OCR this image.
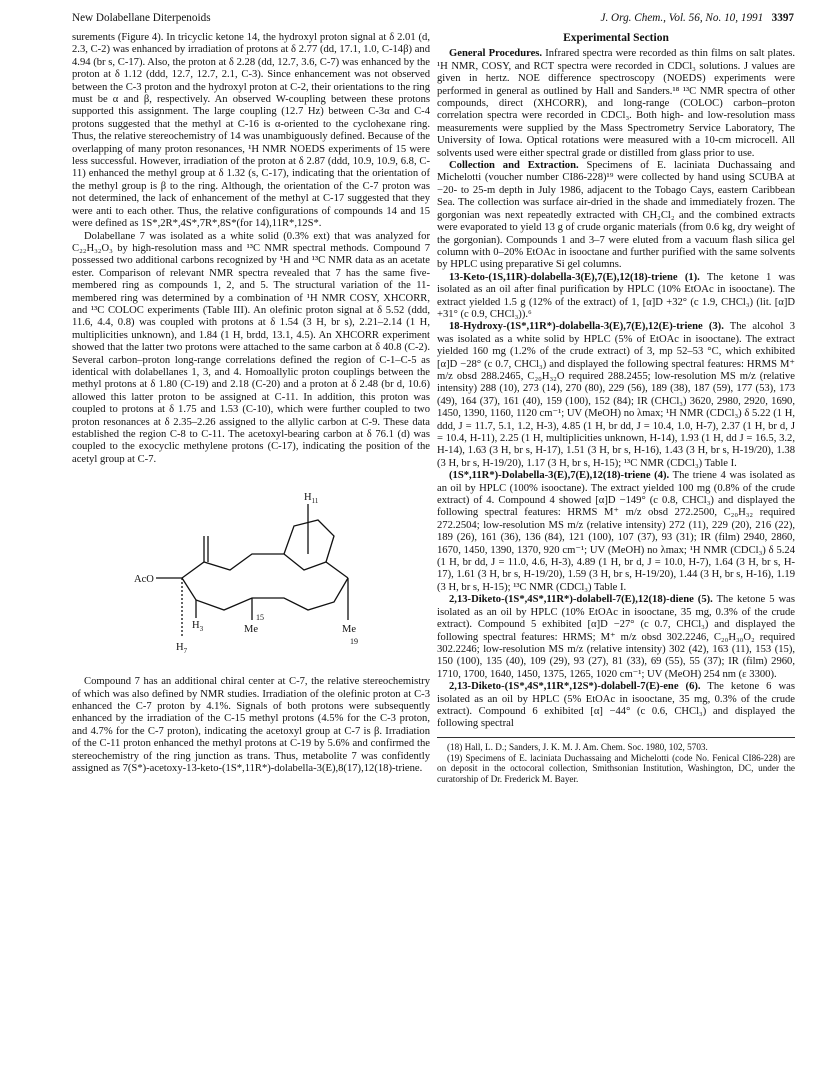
New Dolabellane Diterpenoids	J. Org. Chem., Vol. 56, No. 10, 1991 3397

surements (Figure 4). In tricyclic ketone 14, the hydroxyl proton signal at δ 2.01 (d, 2.3, C-2) was enhanced by irradiation of protons at δ 2.77 (dd, 17.1, 1.0, C-14β) and 4.94 (br s, C-17). Also, the proton at δ 2.28 (dd, 12.7, 3.6, C-7) was enhanced by the proton at δ 1.12 (ddd, 12.7, 12.7, 2.1, C-3). Since enhancement was not observed between the C-3 proton and the hydroxyl proton at C-2, their orientations to the ring must be α and β, respectively. An observed W-coupling between these protons supported this assignment. The large coupling (12.7 Hz) between C-3α and C-4 protons suggested that the methyl at C-16 is α-oriented to the cyclohexane ring. Thus, the relative stereochemistry of 14 was unambiguously defined. Because of the overlapping of many proton resonances, ¹H NMR NOEDS experiments of 15 were less successful. However, irradiation of the proton at δ 2.87 (ddd, 10.9, 10.9, 6.8, C-11) enhanced the methyl group at δ 1.32 (s, C-17), indicating that the orientation of the methyl group is β to the ring. Although, the orientation of the C-7 proton was not determined, the lack of enhancement of the methyl at C-17 suggested that they were anti to each other. Thus, the relative configurations of compounds 14 and 15 were defined as 1S*,2R*,4S*,7R*,8S*(for 14),11R*,12S*.

Dolabellane 7 was isolated as a white solid (0.3% ext) that was analyzed for C₂₂H₃₂O₃ by high-resolution mass and ¹³C NMR spectral methods. Compound 7 possessed two additional carbons recognized by ¹H and ¹³C NMR data as an acetate ester. Comparison of relevant NMR spectra revealed that 7 has the same five-membered ring as compounds 1, 2, and 5. The structural variation of the 11-membered ring was determined by a combination of ¹H NMR COSY, XHCORR, and ¹³C COLOC experiments (Table III). An olefinic proton signal at δ 5.52 (ddd, 11.6, 4.4, 0.8) was coupled with protons at δ 1.54 (3 H, br s), 2.21–2.14 (1 H, multiplicities unknown), and 1.84 (1 H, brdd, 13.1, 4.5). An XHCORR experiment showed that the latter two protons were attached to the same carbon at δ 40.8 (C-2). Several carbon–proton long-range correlations defined the region of C-1–C-5 as identical with dolabellanes 1, 3, and 4. Homoallylic proton couplings between the methyl protons at δ 1.80 (C-19) and 2.18 (C-20) and a proton at δ 2.48 (br d, 10.6) allowed this latter proton to be assigned at C-11. In addition, this proton was coupled to protons at δ 1.75 and 1.53 (C-10), which were further coupled to two proton resonances at δ 2.35–2.26 assigned to the allylic carbon at C-9. These data established the region C-8 to C-11. The acetoxyl-bearing carbon at δ 76.1 (d) was coupled to the exocyclic methylene protons (C-17), indicating the position of the acetyl group at C-7.

$H_{11}$
AcO
$H_3$
15
Me	Me
19
$H_7$

Compound 7 has an additional chiral center at C-7, the relative stereochemistry of which was also defined by NMR studies. Irradiation of the olefinic proton at C-3 enhanced the C-7 proton by 4.1%. Signals of both protons were subsequently enhanced by the irradiation of the C-15 methyl protons (4.5% for the C-3 proton, and 4.7% for the C-7 proton), indicating the acetoxyl group at C-7 is β. Irradiation of the C-11 proton enhanced the methyl protons at C-19 by 5.6% and confirmed the stereochemistry of the ring junction as trans. Thus, metabolite 7 was confidently assigned as 7(S*)-acetoxy-13-keto-(1S*,11R*)-dolabella-3(E),8(17),12(18)-triene.

Experimental Section

General Procedures. Infrared spectra were recorded as thin films on salt plates. ¹H NMR, COSY, and RCT spectra were recorded in CDCl₃ solutions. J values are given in hertz. NOE difference spectroscopy (NOEDS) experiments were performed in general as outlined by Hall and Sanders.¹⁸ ¹³C NMR spectra of other compounds, direct (XHCORR), and long-range (COLOC) carbon–proton correlation spectra were recorded in CDCl₃. Both high- and low-resolution mass measurements were supplied by the Mass Spectrometry Service Laboratory, The University of Iowa. Optical rotations were measured with a 10-cm microcell. All solvents used were either spectral grade or distilled from glass prior to use.

Collection and Extraction. Specimens of E. laciniata Duchassaing and Michelotti (voucher number CI86-228)¹⁹ were collected by hand using SCUBA at −20- to 25-m depth in July 1986, adjacent to the Tobago Cays, eastern Caribbean Sea. The collection was surface air-dried in the shade and immediately frozen. The gorgonian was next repeatedly extracted with CH₂Cl₂ and the combined extracts were evaporated to yield 13 g of crude organic materials (from 0.6 kg, dry weight of the gorgonian). Compounds 1 and 3–7 were eluted from a vacuum flash silica gel column with 0–20% EtOAc in isooctane and further purified with the same solvents by HPLC using preparative Si gel columns.

13-Keto-(1S,11R)-dolabella-3(E),7(E),12(18)-triene (1). The ketone 1 was isolated as an oil after final purification by HPLC (10% EtOAc in isooctane). The extract yielded 1.5 g (12% of the extract) of 1, [α]D +32° (c 1.9, CHCl₃) (lit. [α]D +31° (c 0.9, CHCl₃)).⁶

18-Hydroxy-(1S*,11R*)-dolabella-3(E),7(E),12(E)-triene (3). The alcohol 3 was isolated as a white solid by HPLC (5% of EtOAc in isooctane). The extract yielded 160 mg (1.2% of the crude extract) of 3, mp 52–53 °C, which exhibited [α]D −28° (c 0.7, CHCl₃) and displayed the following spectral features: HRMS M⁺ m/z obsd 288.2465, C₂₀H₃₂O required 288.2455; low-resolution MS m/z (relative intensity) 288 (10), 273 (14), 270 (80), 229 (56), 189 (38), 187 (59), 177 (53), 173 (49), 164 (37), 161 (40), 159 (100), 152 (84); IR (CHCl₃) 3620, 2980, 2920, 1690, 1450, 1390, 1160, 1120 cm⁻¹; UV (MeOH) no λmax; ¹H NMR (CDCl₃) δ 5.22 (1 H, ddd, J = 11.7, 5.1, 1.2, H-3), 4.85 (1 H, br dd, J = 10.4, 1.0, H-7), 2.37 (1 H, br d, J = 10.4, H-11), 2.25 (1 H, multiplicities unknown, H-14), 1.93 (1 H, dd J = 16.5, 3.2, H-14), 1.63 (3 H, br s, H-17), 1.51 (3 H, br s, H-16), 1.43 (3 H, br s, H-19/20), 1.38 (3 H, br s, H-19/20), 1.17 (3 H, br s, H-15); ¹³C NMR (CDCl₃) Table I.

(1S*,11R*)-Dolabella-3(E),7(E),12(18)-triene (4). The triene 4 was isolated as an oil by HPLC (100% isooctane). The extract yielded 100 mg (0.8% of the crude extract) of 4. Compound 4 showed [α]D −149° (c 0.8, CHCl₃) and displayed the following spectral features: HRMS M⁺ m/z obsd 272.2500, C₂₀H₃₂ required 272.2504; low-resolution MS m/z (relative intensity) 272 (11), 229 (20), 216 (22), 189 (26), 161 (36), 136 (84), 121 (100), 107 (37), 93 (31); IR (film) 2940, 2860, 1670, 1450, 1390, 1370, 920 cm⁻¹; UV (MeOH) no λmax; ¹H NMR (CDCl₃) δ 5.24 (1 H, br dd, J = 11.0, 4.6, H-3), 4.89 (1 H, br d, J = 10.0, H-7), 1.64 (3 H, br s, H-17), 1.61 (3 H, br s, H-19/20), 1.59 (3 H, br s, H-19/20), 1.44 (3 H, br s, H-16), 1.19 (3 H, br s, H-15); ¹³C NMR (CDCl₃) Table I.

2,13-Diketo-(1S*,4S*,11R*)-dolabell-7(E),12(18)-diene (5). The ketone 5 was isolated as an oil by HPLC (10% EtOAc in isooctane, 35 mg, 0.3% of the crude extract). Compound 5 exhibited [α]D −27° (c 0.7, CHCl₃) and displayed the following spectral features: HRMS; M⁺ m/z obsd 302.2246, C₂₀H₃₀O₂ required 302.2246; low-resolution MS m/z (relative intensity) 302 (42), 163 (11), 153 (15), 150 (100), 135 (40), 109 (29), 93 (27), 81 (33), 69 (55), 55 (37); IR (film) 2960, 1710, 1700, 1640, 1450, 1375, 1265, 1020 cm⁻¹; UV (MeOH) 254 nm (ε 3300).

2,13-Diketo-(1S*,4S*,11R*,12S*)-dolabell-7(E)-ene (6). The ketone 6 was isolated as an oil by HPLC (5% EtOAc in isooctane, 35 mg, 0.3% of the crude extract). Compound 6 exhibited [α] −44° (c 0.6, CHCl₃) and displayed the following spectral

(18) Hall, L. D.; Sanders, J. K. M. J. Am. Chem. Soc. 1980, 102, 5703.

(19) Specimens of E. laciniata Duchassaing and Michelotti (code No. Fenical CI86-228) are on deposit in the octocoral collection, Smithsonian Institution, Washington, DC, under the curatorship of Dr. Frederick M. Bayer.
